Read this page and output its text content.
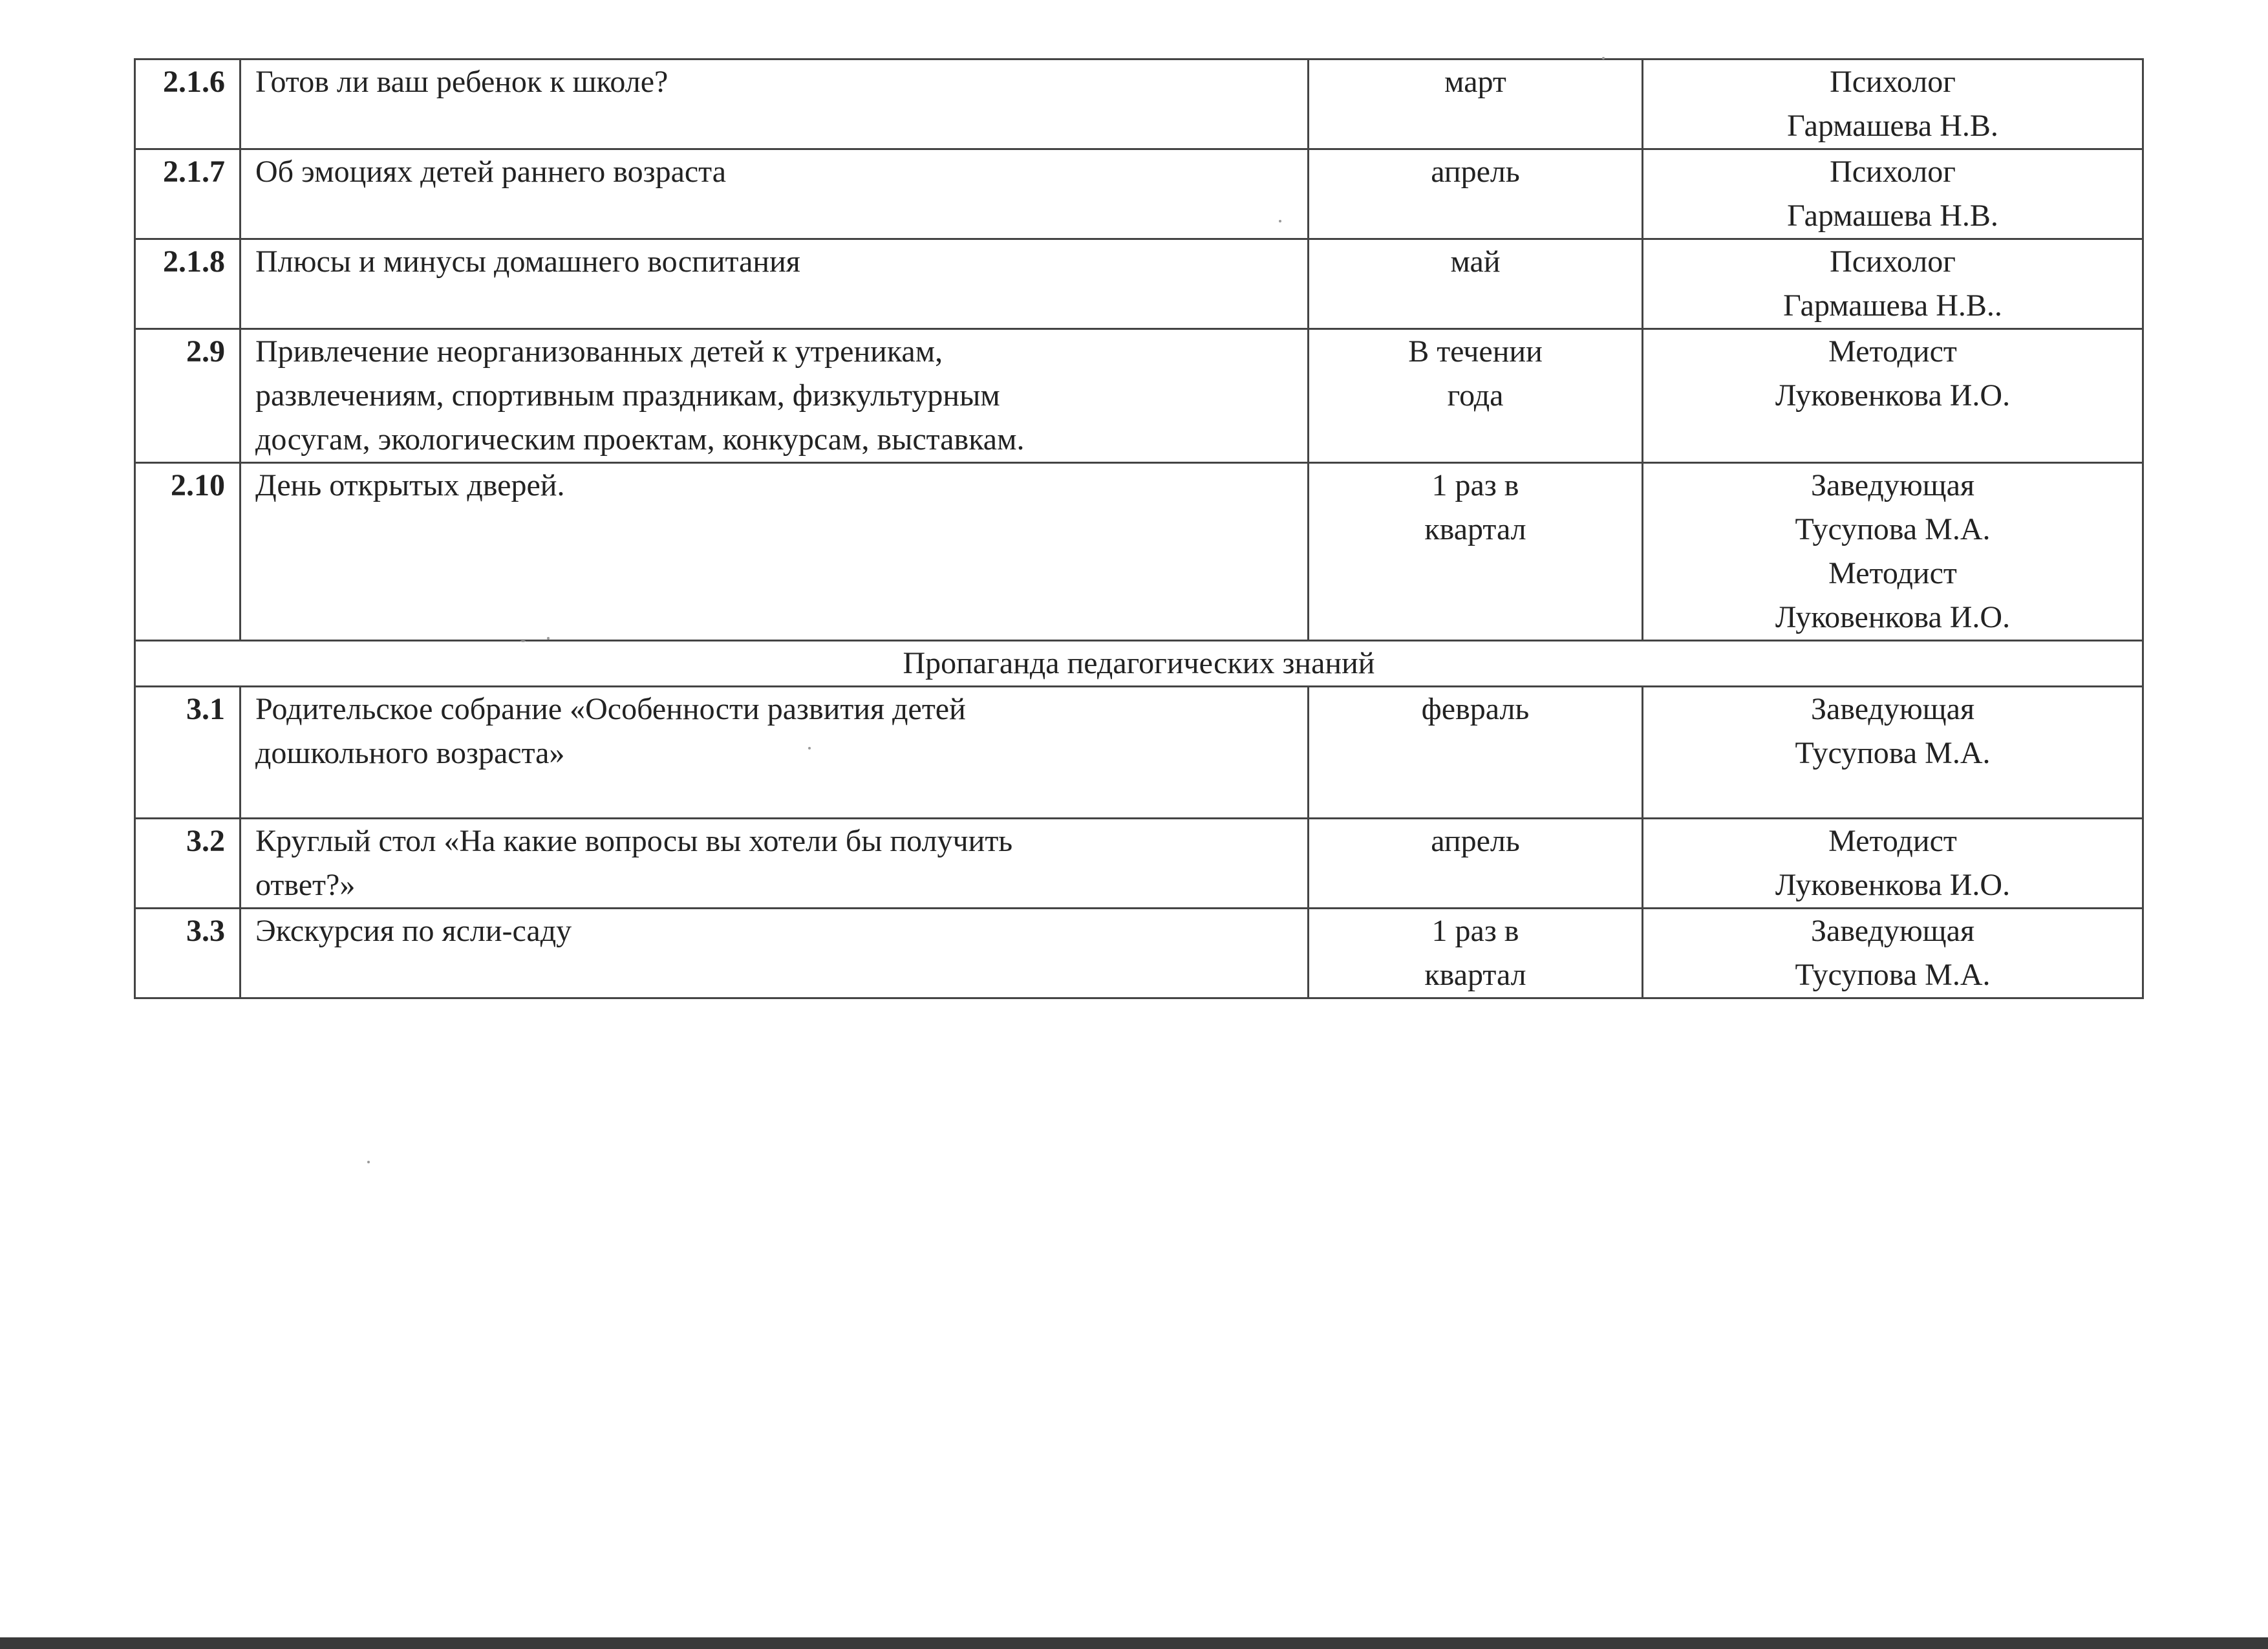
2.1.6	Готов ли ваш ребенок к школе?	март	Психолог
Гармашева Н.В.

2.1.7	Об эмоциях детей раннего возраста	апрель	Психолог
Гармашева Н.В.

2.1.8	Плюсы и минусы домашнего воспитания	май	Психолог
Гармашева Н.В..

2.9	Привлечение неорганизованных детей к утреникам,
развлечениям, спортивным праздникам, физкультурным
досугам, экологическим проектам, конкурсам, выставкам.	В течении
года	Методист
Луковенкова И.О.

2.10	День открытых дверей.	1 раз в
квартал	Заведующая
Тусупова М.А.
Методист
Луковенкова И.О.

Пропаганда педагогических знаний			
3.1	Родительское собрание «Особенности развития детей
дошкольного возраста»	февраль	Заведующая
Тусупова М.А.

3.2	Круглый стол «На какие вопросы вы хотели бы получить
ответ?»	апрель	Методист
Луковенкова И.О.

3.3	Экскурсия по ясли-саду	1 раз в
квартал	Заведующая
Тусупова М.А.
